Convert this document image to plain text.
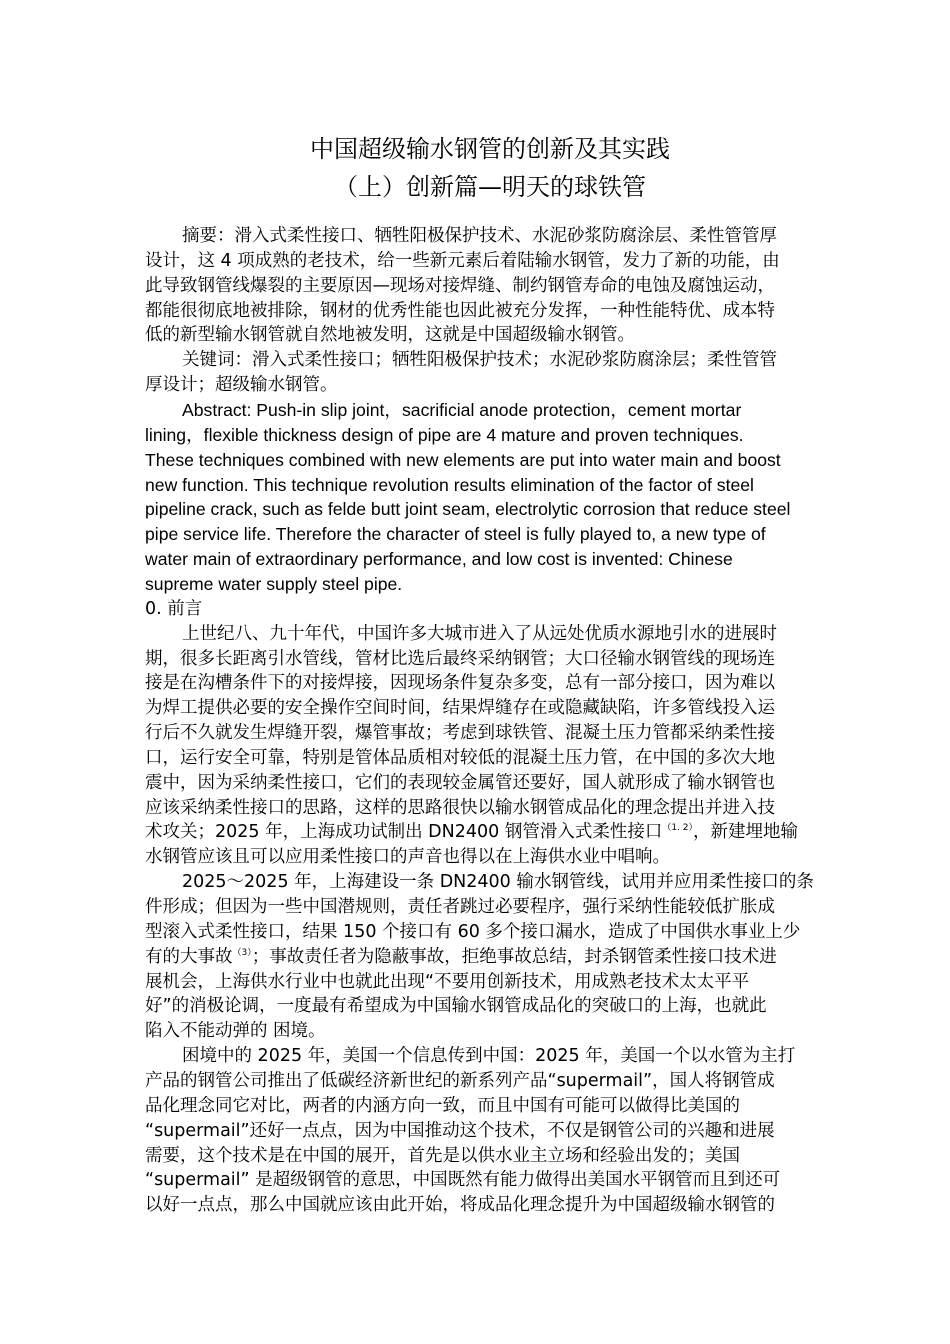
中国超级输水钢管的创新及其实践
（上）创新篇—明天的球铁管
摘要：滑入式柔性接口、牺牲阳极保护技术、水泥砂浆防腐涂层、柔性管管厚
设计，这 4 项成熟的老技术，给一些新元素后着陆输水钢管，发力了新的功能，由
此导致钢管线爆裂的主要原因—现场对接焊缝、制约钢管寿命的电蚀及腐蚀运动，
都能很彻底地被排除，钢材的优秀性能也因此被充分发挥，一种性能特优、成本特
低的新型输水钢管就自然地被发明，这就是中国超级输水钢管。
关键词：滑入式柔性接口；牺牲阳极保护技术；水泥砂浆防腐涂层；柔性管管
厚设计；超级输水钢管。
Abstract: Push-in slip joint，sacrificial anode protection，cement mortar
lining，flexible thickness design of pipe are 4 mature and proven techniques.
These techniques combined with new elements are put into water main and boost
new function. This technique revolution results elimination of the factor of steel
pipeline crack, such as felde butt joint seam, electrolytic corrosion that reduce steel
pipe service life. Therefore the character of steel is fully played to, a new type of
water main of extraordinary performance, and low cost is invented: Chinese
supreme water supply steel pipe.
0. 前言
上世纪八、九十年代，中国许多大城市进入了从远处优质水源地引水的进展时
期，很多长距离引水管线，管材比选后最终采纳钢管；大口径输水钢管线的现场连
接是在沟槽条件下的对接焊接，因现场条件复杂多变，总有一部分接口，因为难以
为焊工提供必要的安全操作空间时间，结果焊缝存在或隐藏缺陷，许多管线投入运
行后不久就发生焊缝开裂，爆管事故；考虑到球铁管、混凝土压力管都采纳柔性接
口，运行安全可靠，特别是管体品质相对较低的混凝土压力管，在中国的多次大地
震中，因为采纳柔性接口，它们的表现较金属管还要好，国人就形成了输水钢管也
应该采纳柔性接口的思路，这样的思路很快以输水钢管成品化的理念提出并进入技
术攻关；2025 年，上海成功试制出 DN2400 钢管滑入式柔性接口$^{(1. 2)}$，新建埋地输
水钢管应该且可以应用柔性接口的声音也得以在上海供水业中唱响。
2025～2025 年，上海建设一条 DN2400 输水钢管线，试用并应用柔性接口的条
件形成；但因为一些中国潜规则，责任者跳过必要程序，强行采纳性能较低扩胀成
型滚入式柔性接口，结果 150 个接口有 60 多个接口漏水，造成了中国供水事业上少
有的大事故$^{(3)}$；事故责任者为隐蔽事故，拒绝事故总结，封杀钢管柔性接口技术进
展机会，上海供水行业中也就此出现“不要用创新技术，用成熟老技术太太平平
好”的消极论调，一度最有希望成为中国输水钢管成品化的突破口的上海，也就此
陷入不能动弹的 困境。
困境中的 2025 年，美国一个信息传到中国：2025 年，美国一个以水管为主打
产品的钢管公司推出了低碳经济新世纪的新系列产品“supermail”，国人将钢管成
品化理念同它对比，两者的内涵方向一致，而且中国有可能可以做得比美国的
“supermail”还好一点点，因为中国推动这个技术，不仅是钢管公司的兴趣和进展
需要，这个技术是在中国的展开，首先是以供水业主立场和经验出发的；美国
“supermail” 是超级钢管的意思，中国既然有能力做得出美国水平钢管而且到还可
以好一点点，那么中国就应该由此开始，将成品化理念提升为中国超级输水钢管的
